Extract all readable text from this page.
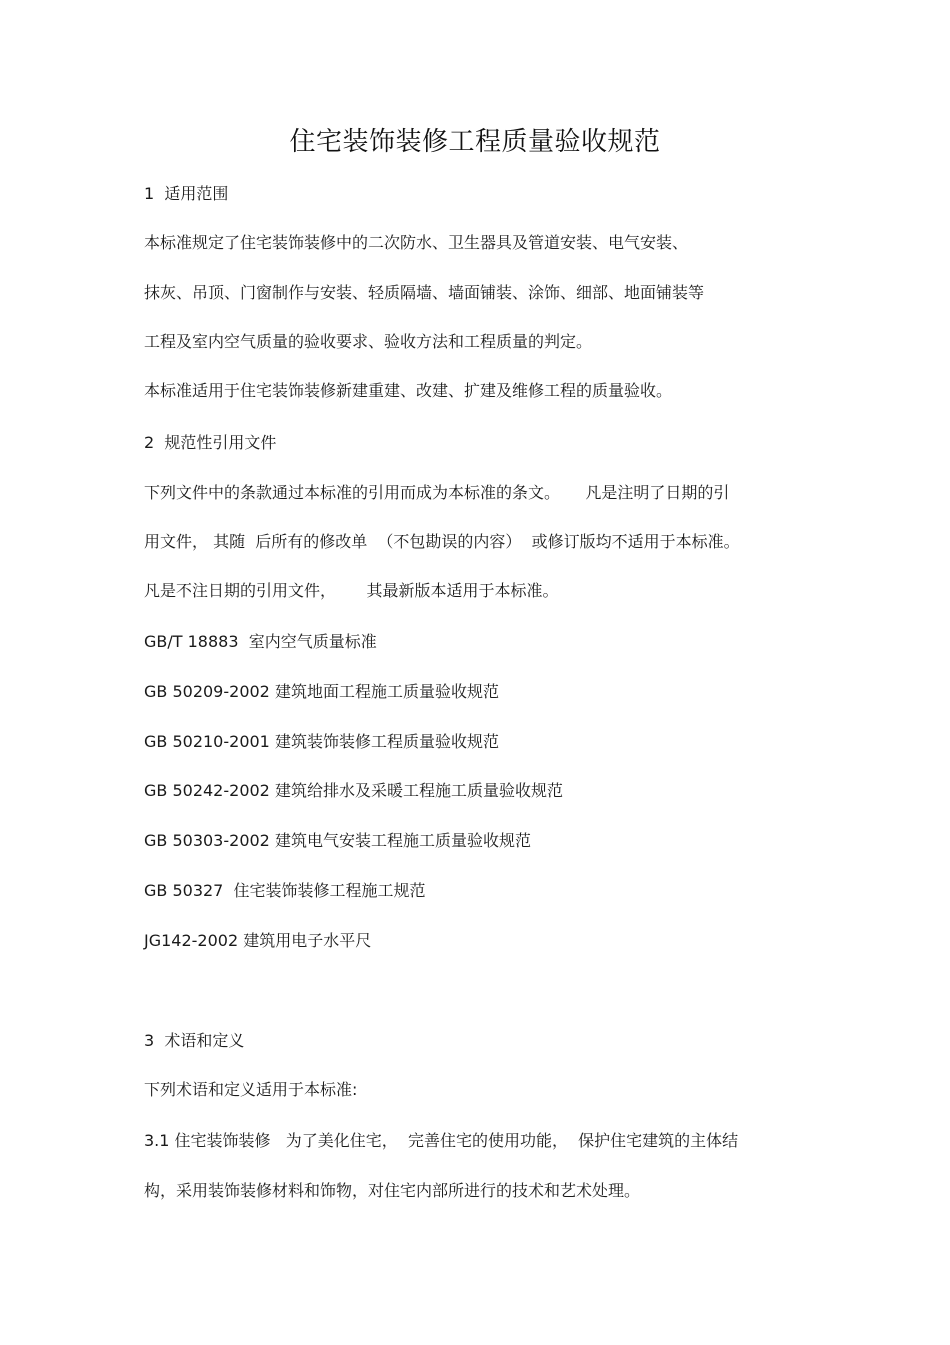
住宅装饰装修工程质量验收规范
1  适用范围
本标准规定了住宅装饰装修中的二次防水、卫生器具及管道安装、电气安装、
抹灰、吊顶、门窗制作与安装、轻质隔墙、墙面铺装、涂饰、细部、地面铺装等
工程及室内空气质量的验收要求、验收方法和工程质量的判定。
本标准适用于住宅装饰装修新建重建、改建、扩建及维修工程的质量验收。
2  规范性引用文件
下列文件中的条款通过本标准的引用而成为本标准的条文。     凡是注明了日期的引
用文件， 其随  后所有的修改单  （不包勘误的内容）  或修订版均不适用于本标准。
凡是不注日期的引用文件，      其最新版本适用于本标准。
GB/T 18883  室内空气质量标准
GB 50209-2002 建筑地面工程施工质量验收规范
GB 50210-2001 建筑装饰装修工程质量验收规范
GB 50242-2002 建筑给排水及采暖工程施工质量验收规范
GB 50303-2002 建筑电气安装工程施工质量验收规范
GB 50327  住宅装饰装修工程施工规范
JG142-2002 建筑用电子水平尺
3  术语和定义
下列术语和定义适用于本标准:
3.1 住宅装饰装修   为了美化住宅，  完善住宅的使用功能，  保护住宅建筑的主体结
构，采用装饰装修材料和饰物，对住宅内部所进行的技术和艺术处理。
